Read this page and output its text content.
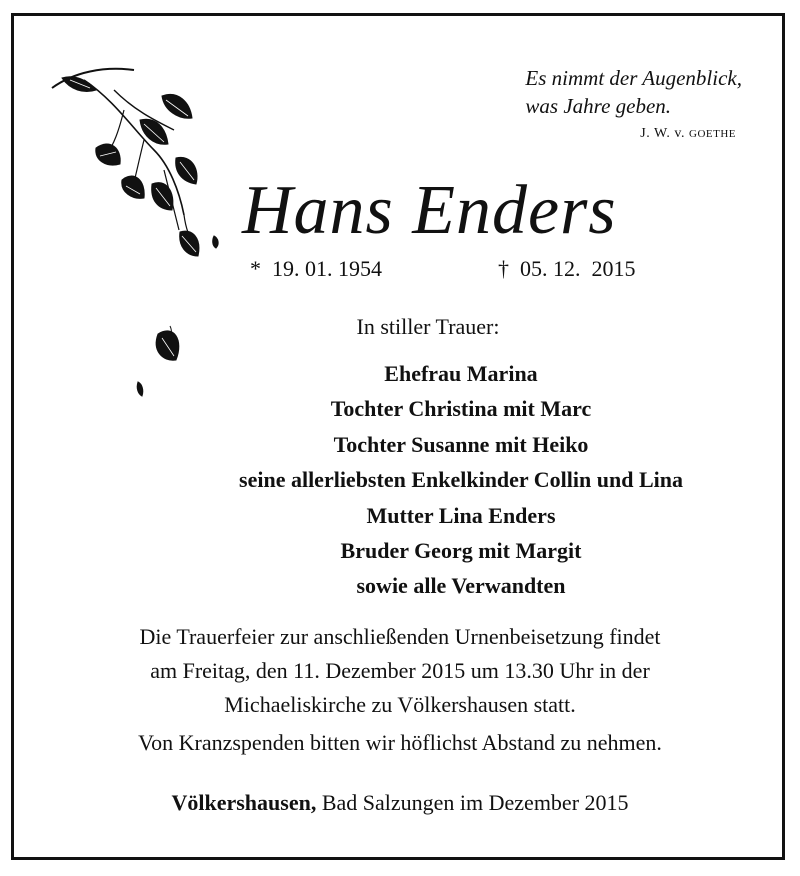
Es nimmt der Augenblick,
was Jahre geben.
J. W. v. GOETHE
Hans Enders
* 19. 01. 1954	† 05. 12.  2015
In stiller Trauer:
Ehefrau Marina
Tochter Christina mit Marc
Tochter Susanne mit Heiko
seine allerliebsten Enkelkinder Collin und Lina
Mutter Lina Enders
Bruder Georg mit Margit
sowie alle Verwandten
Die Trauerfeier zur anschließenden Urnenbeisetzung findet
am Freitag, den 11. Dezember 2015 um 13.30 Uhr in der
Michaeliskirche zu Völkershausen statt.
Von Kranzspenden bitten wir höflichst Abstand zu nehmen.
Völkershausen, Bad Salzungen im Dezember 2015
